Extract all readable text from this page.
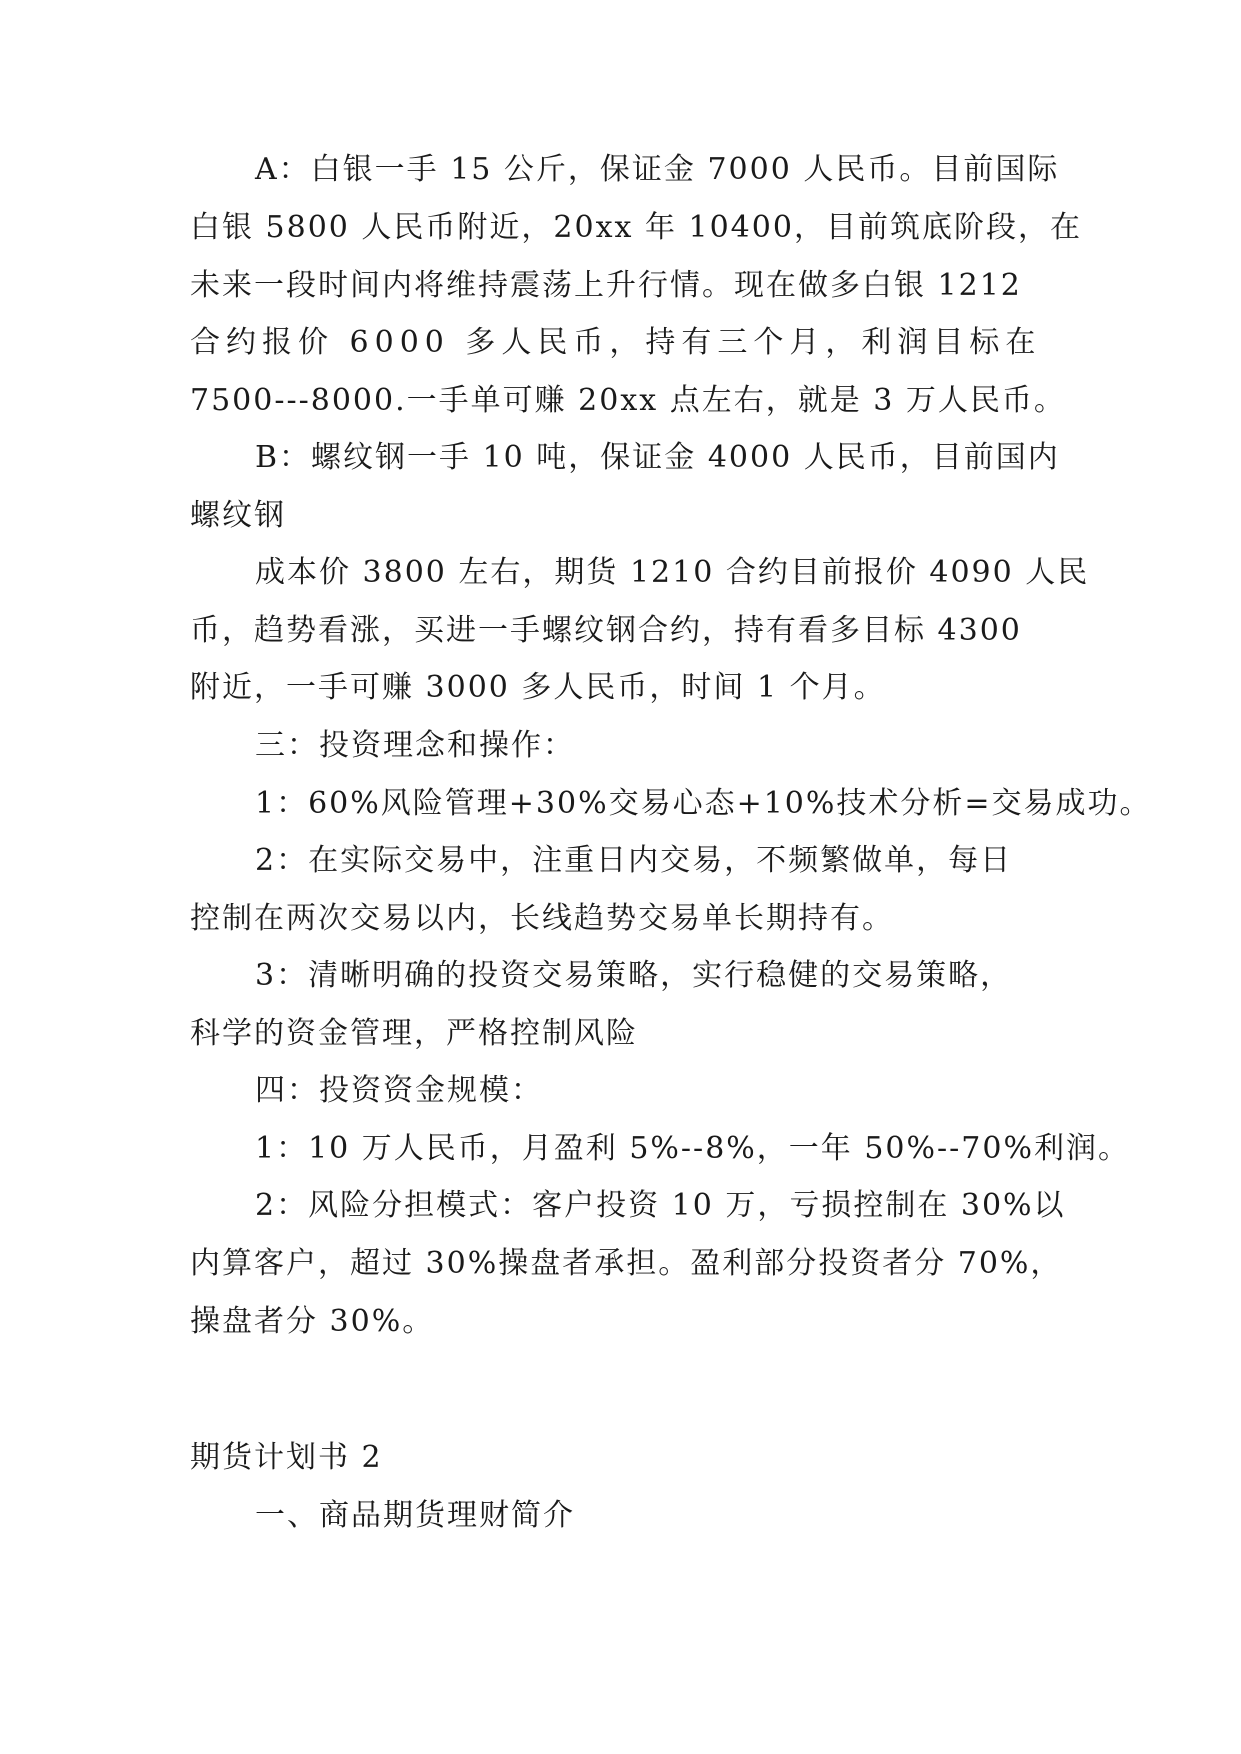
A：白银一手 15 公斤，保证金 7000 人民币。目前国际
白银 5800 人民币附近，20xx 年 10400，目前筑底阶段，在
未来一段时间内将维持震荡上升行情。现在做多白银 1212
合约报价 6000 多人民币，持有三个月，利润目标在
7500---8000.一手单可赚 20xx 点左右，就是 3 万人民币。
B：螺纹钢一手 10 吨，保证金 4000 人民币，目前国内
螺纹钢
成本价 3800 左右，期货 1210 合约目前报价 4090 人民
币，趋势看涨，买进一手螺纹钢合约，持有看多目标 4300
附近，一手可赚 3000 多人民币，时间 1 个月。
三：投资理念和操作：
1：60%风险管理+30%交易心态+10%技术分析=交易成功。
2：在实际交易中，注重日内交易，不频繁做单，每日
控制在两次交易以内，长线趋势交易单长期持有。
3：清晰明确的投资交易策略，实行稳健的交易策略，
科学的资金管理，严格控制风险
四：投资资金规模：
1：10 万人民币，月盈利 5%--8%，一年 50%--70%利润。
2：风险分担模式：客户投资 10 万，亏损控制在 30%以
内算客户，超过 30%操盘者承担。盈利部分投资者分 70%，
操盘者分 30%。
期货计划书 2
一、商品期货理财简介
